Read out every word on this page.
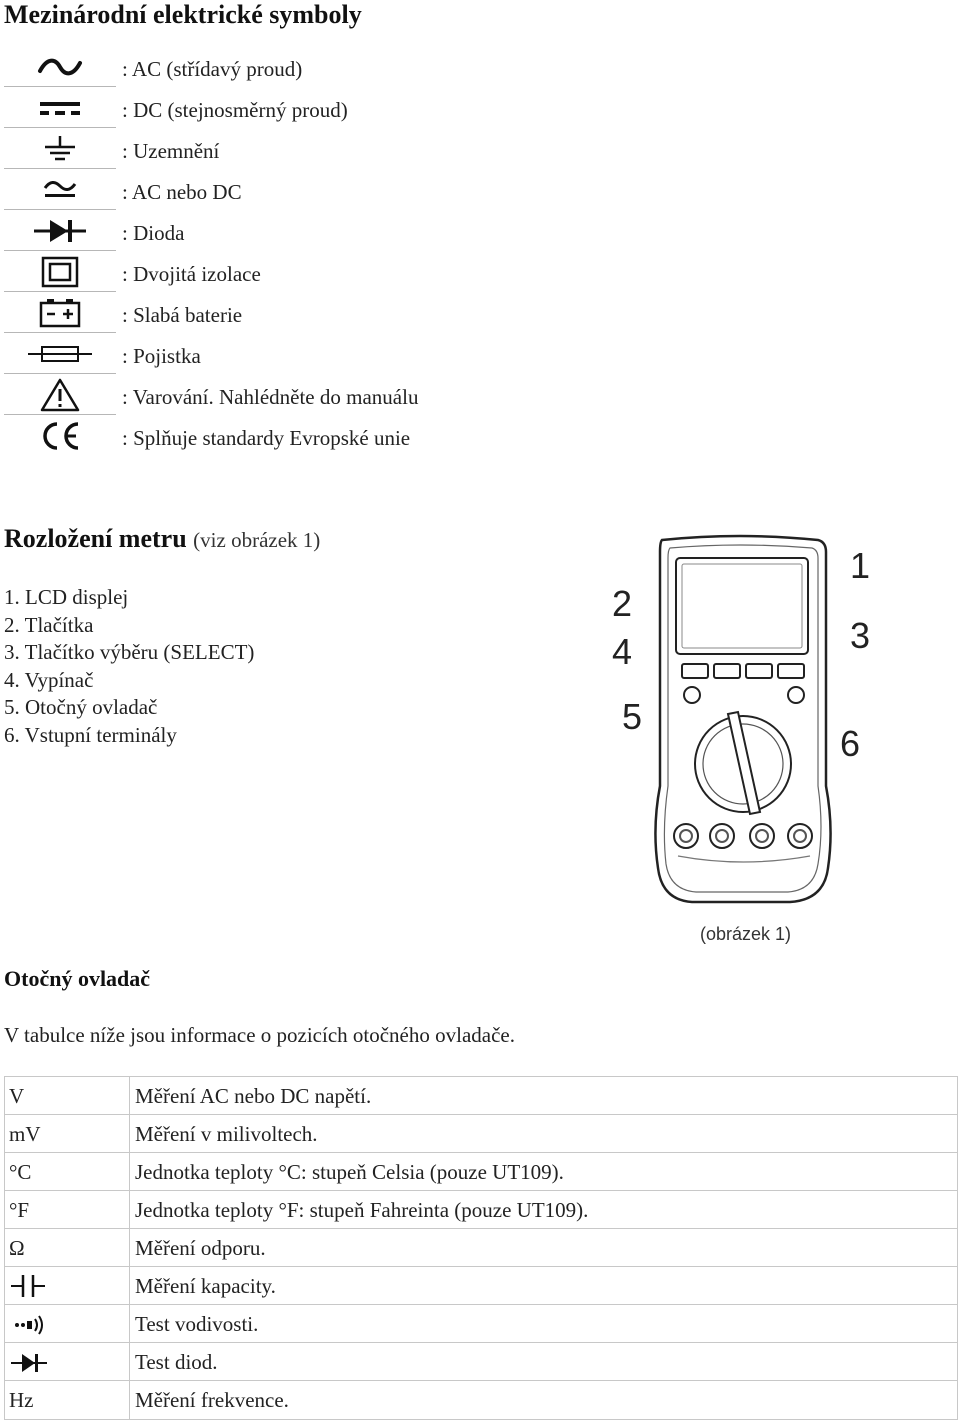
Mezinárodní elektrické symboly
: AC (střídavý proud)
: DC (stejnosměrný proud)
: Uzemnění
: AC nebo DC
: Dioda
: Dvojitá izolace
: Slabá baterie
: Pojistka
: Varování. Nahlédněte do manuálu
: Splňuje standardy Evropské unie
Rozložení metru (viz obrázek 1)
1. LCD displej
2. Tlačítka
3. Tlačítko výběru (SELECT)
4. Vypínač
5. Otočný ovladač
6. Vstupní terminály
1
2
3
4
5
6
(obrázek 1)
Otočný ovladač
V tabulce níže jsou informace o pozicích otočného ovladače.
V	Měření AC nebo DC napětí.
mV	Měření v milivoltech.
°C	Jednotka teploty °C: stupeň Celsia (pouze UT109).
°F	Jednotka teploty °F: stupeň Fahreinta (pouze UT109).
Ω	Měření odporu.
	Měření kapacity.
	Test vodivosti.
	Test diod.
Hz	Měření frekvence.
